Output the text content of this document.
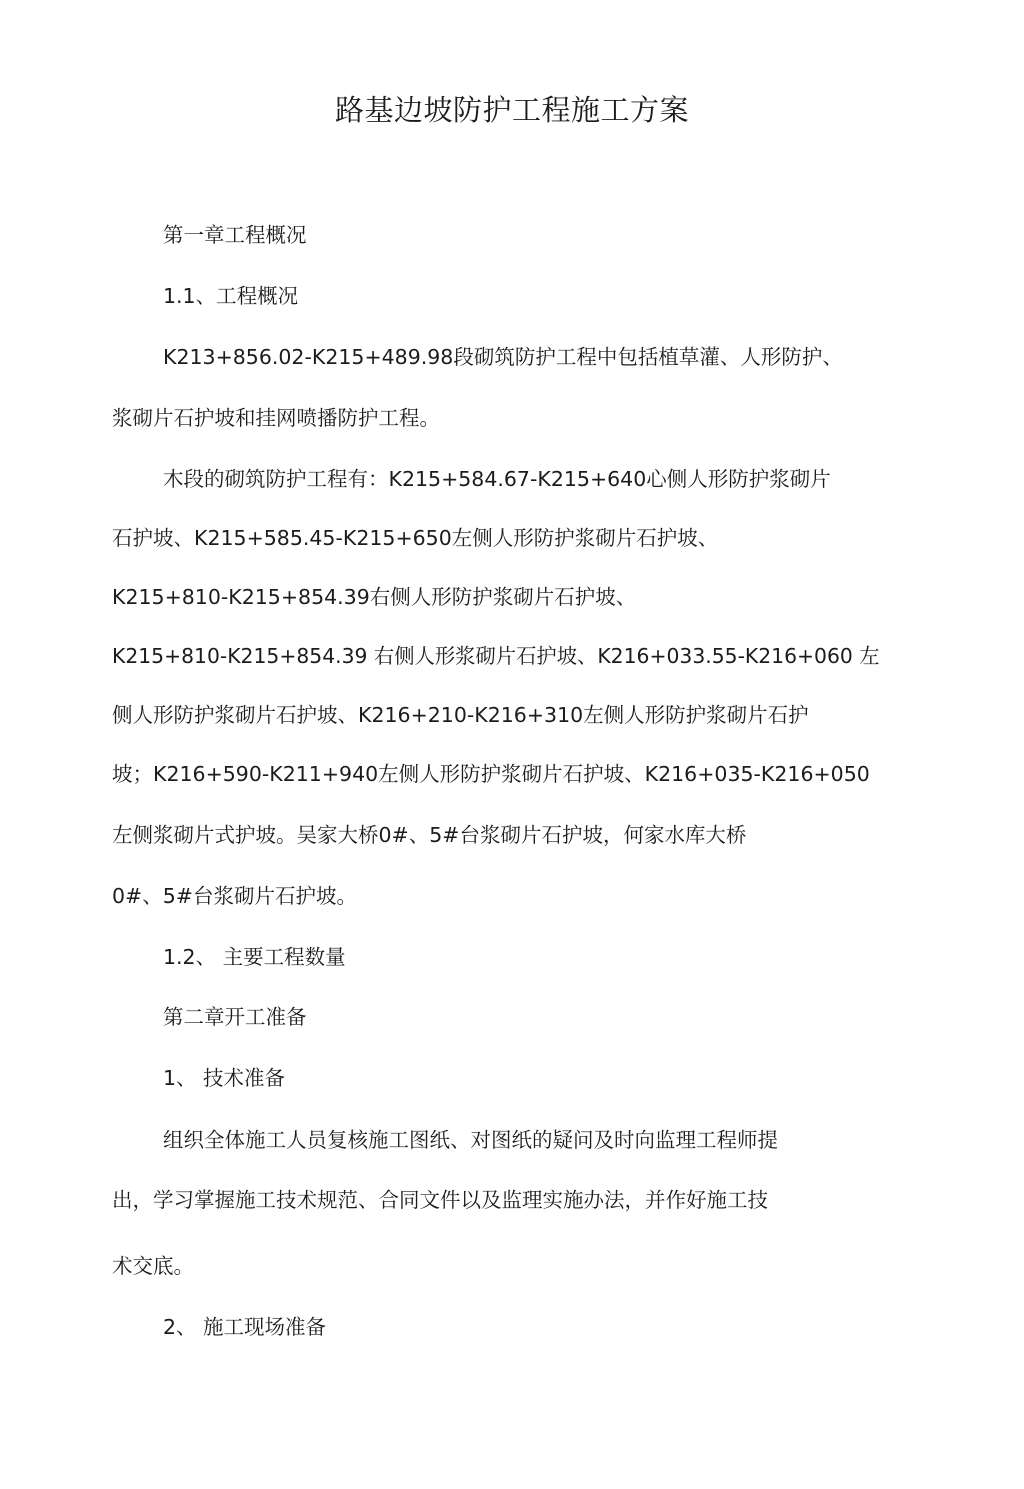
路基边坡防护工程施工方案
第一章工程概况
1.1、工程概况
K213+856.02-K215+489.98段砌筑防护工程中包括植草灌、人形防护、
浆砌片石护坡和挂网喷播防护工程。
木段的砌筑防护工程有：K215+584.67-K215+640心侧人形防护浆砌片
石护坡、K215+585.45-K215+650左侧人形防护浆砌片石护坡、
K215+810-K215+854.39右侧人形防护浆砌片石护坡、
K215+810-K215+854.39 右侧人形浆砌片石护坡、K216+033.55-K216+060 左
侧人形防护浆砌片石护坡、K216+210-K216+310左侧人形防护浆砌片石护
坡；K216+590-K211+940左侧人形防护浆砌片石护坡、K216+035-K216+050
左侧浆砌片式护坡。吴家大桥0#、5#台浆砌片石护坡，何家水库大桥
0#、5#台浆砌片石护坡。
1.2、 主要工程数量
第二章开工准备
1、 技术准备
组织全体施工人员复核施工图纸、对图纸的疑问及时向监理工程师提
出，学习掌握施工技术规范、合同文件以及监理实施办法，并作好施工技
术交底。
2、 施工现场准备
